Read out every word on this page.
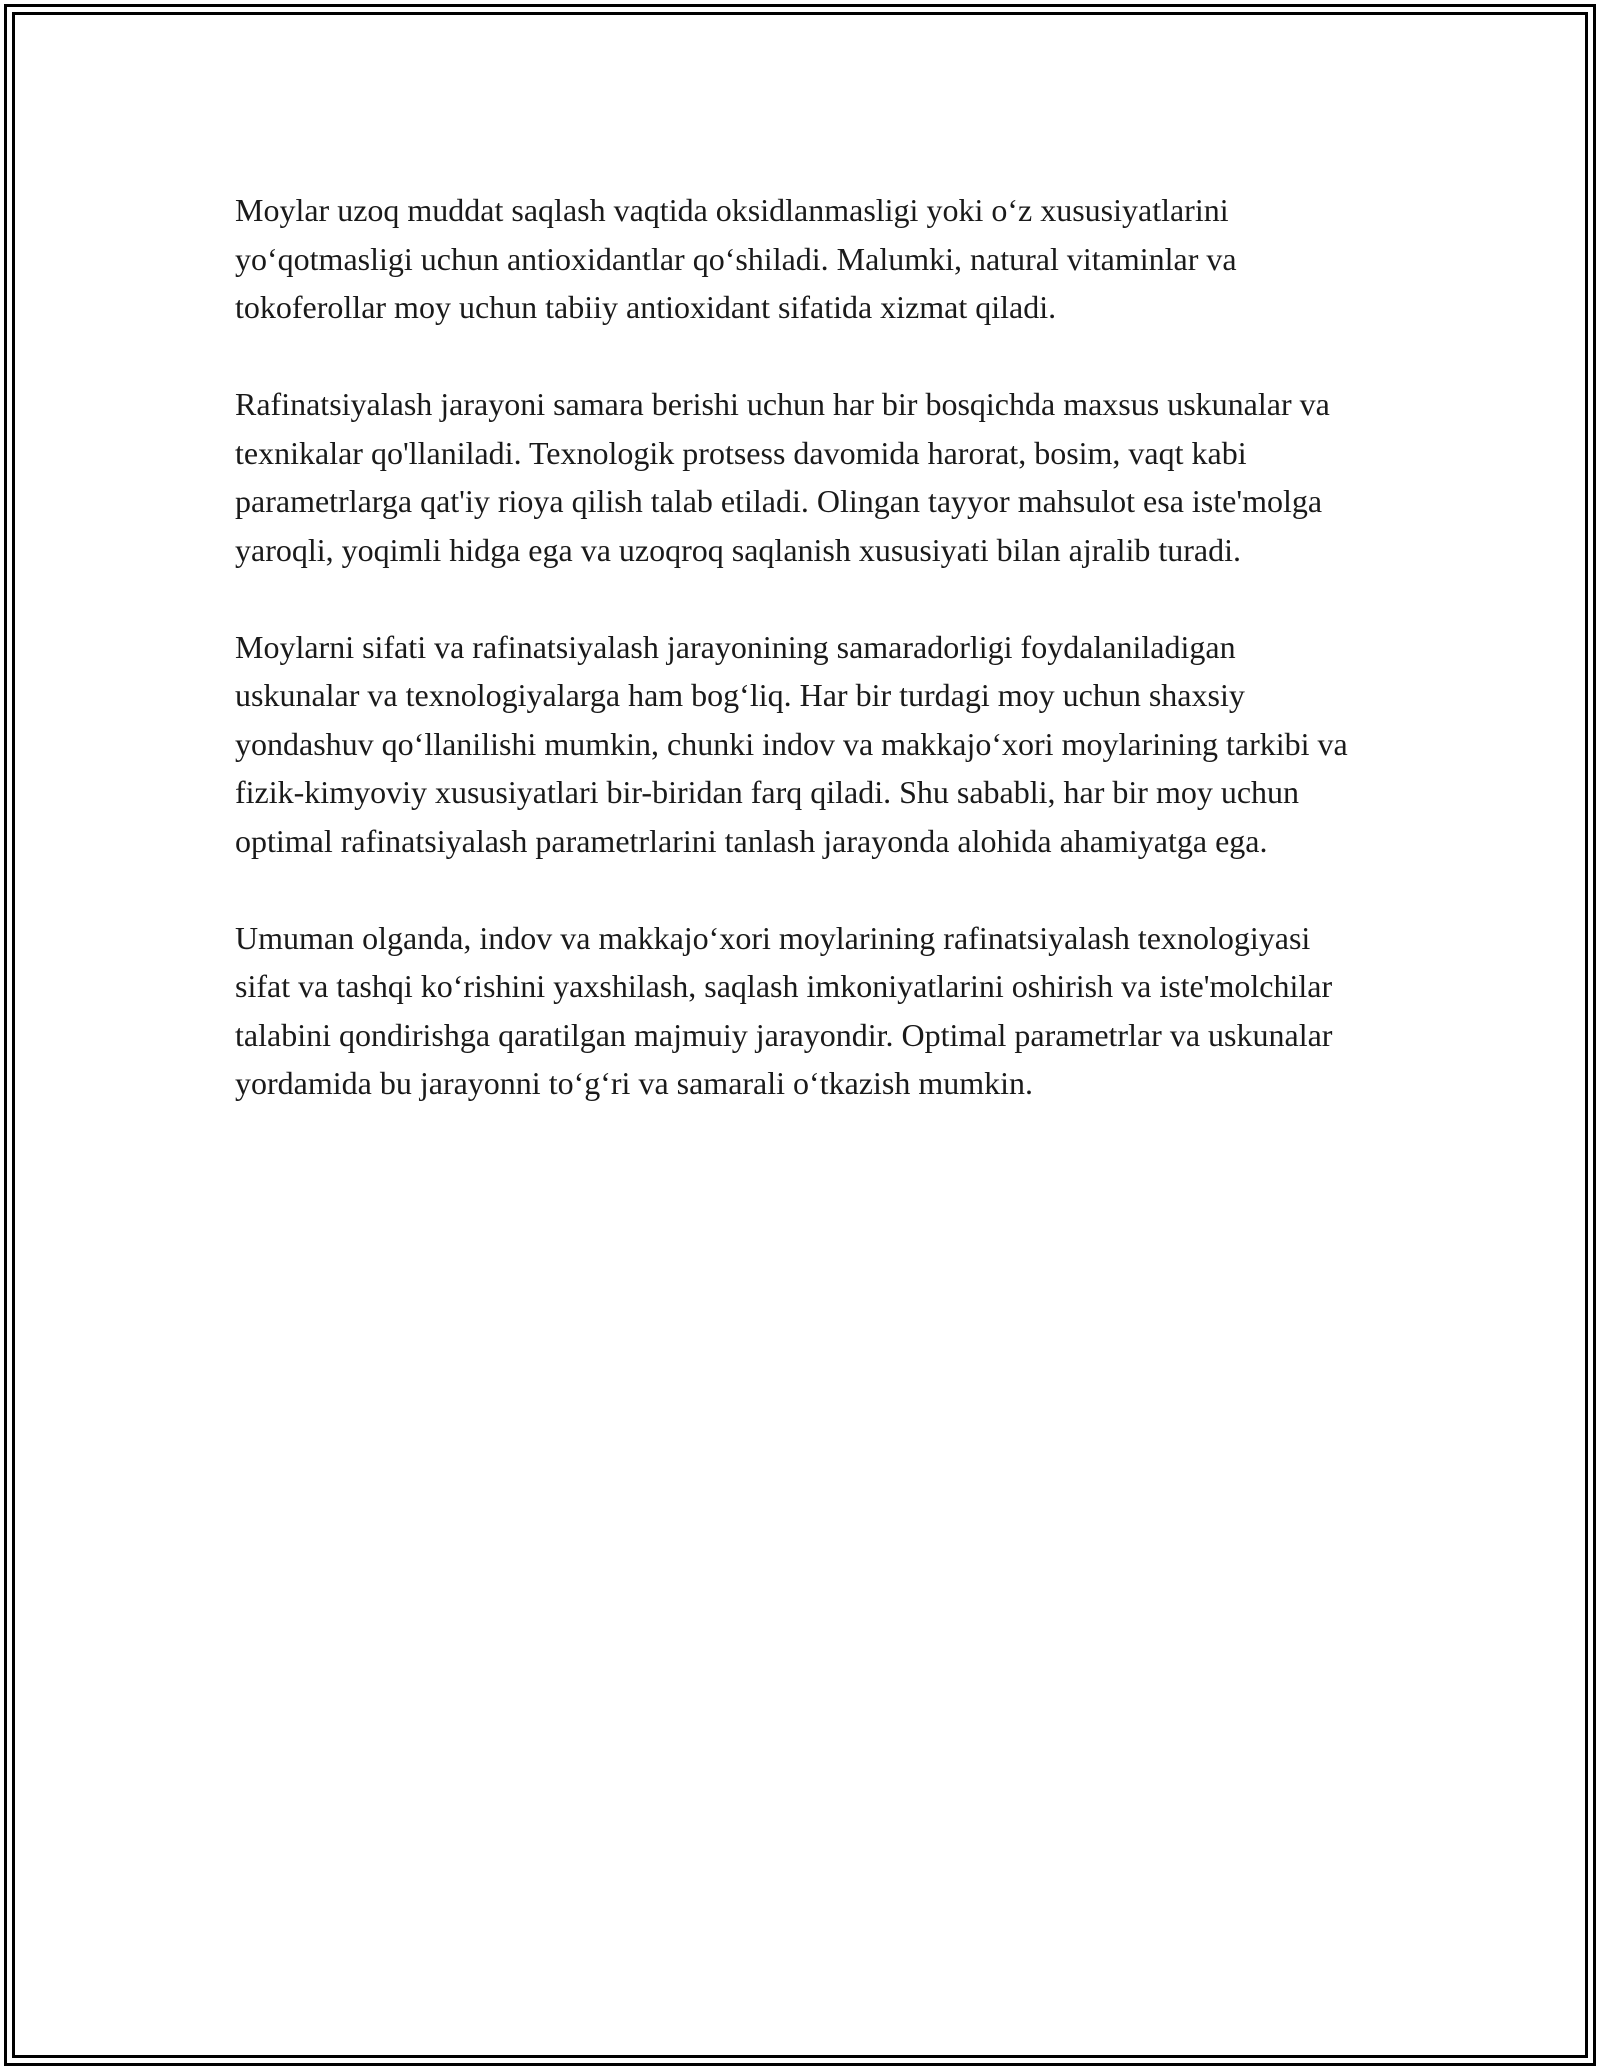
Moylar uzoq muddat saqlash vaqtida oksidlanmasligi yoki o‘z xususiyatlarini yo‘qotmasligi uchun antioxidantlar qo‘shiladi. Malumki, natural vitaminlar va tokoferollar moy uchun tabiiy antioxidant sifatida xizmat qiladi.

Rafinatsiyalash jarayoni samara berishi uchun har bir bosqichda maxsus uskunalar va texnikalar qo'llaniladi. Texnologik protsess davomida harorat, bosim, vaqt kabi parametrlarga qat'iy rioya qilish talab etiladi. Olingan tayyor mahsulot esa iste'molga yaroqli, yoqimli hidga ega va uzoqroq saqlanish xususiyati bilan ajralib turadi.

Moylarni sifati va rafinatsiyalash jarayonining samaradorligi foydalaniladigan uskunalar va texnologiyalarga ham bog‘liq. Har bir turdagi moy uchun shaxsiy yondashuv qo‘llanilishi mumkin, chunki indov va makkajo‘xori moylarining tarkibi va fizik-kimyoviy xususiyatlari bir-biridan farq qiladi. Shu sababli, har bir moy uchun optimal rafinatsiyalash parametrlarini tanlash jarayonda alohida ahamiyatga ega.

Umuman olganda, indov va makkajo‘xori moylarining rafinatsiyalash texnologiyasi sifat va tashqi ko‘rishini yaxshilash, saqlash imkoniyatlarini oshirish va iste'molchilar talabini qondirishga qaratilgan majmuiy jarayondir. Optimal parametrlar va uskunalar yordamida bu jarayonni to‘g‘ri va samarali o‘tkazish mumkin.
